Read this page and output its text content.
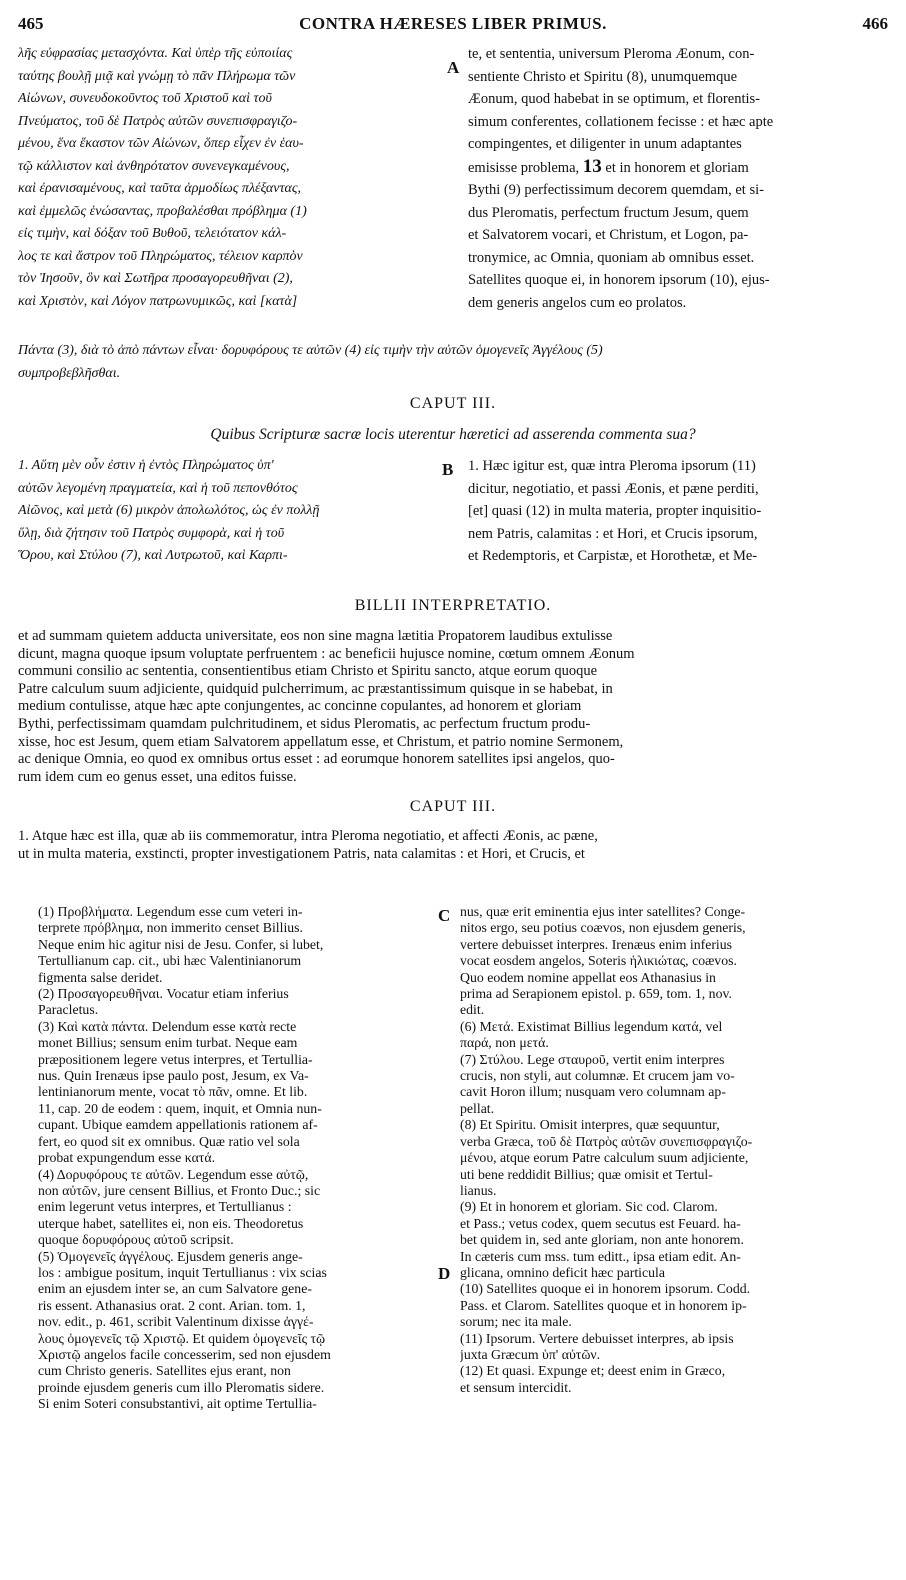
465	CONTRA HÆRESES LIBER PRIMUS.	466
λῆς εὐφρασίας μετασχόντα. Καὶ ὑπὲρ τῆς εὐποιίας
ταύτης βουλῇ μιᾷ καὶ γνώμῃ τὸ πᾶν Πλήρωμα τῶν
Αἰώνων, συνευδοκοῦντος τοῦ Χριστοῦ καὶ τοῦ
Πνεύματος, τοῦ δὲ Πατρὸς αὐτῶν συνεπισφραγιζο-
μένου, ἕνα ἕκαστον τῶν Αἰώνων, ὅπερ εἶχεν ἐν ἑαυ-
τῷ κάλλιστον καὶ ἀνθηρότατον συνενεγκαμένους,
καὶ ἐρανισαμένους, καὶ ταῦτα ἁρμοδίως πλέξαντας,
καὶ ἐμμελῶς ἑνώσαντας, προβαλέσθαι πρόβλημα (1)
εἰς τιμὴν, καὶ δόξαν τοῦ Βυθοῦ, τελειότατον κάλ-
λος τε καὶ ἄστρον τοῦ Πληρώματος, τέλειον καρπὸν
τὸν Ἰησοῦν, ὃν καὶ Σωτῆρα προσαγορευθῆναι (2),
καὶ Χριστὸν, καὶ Λόγον πατρωνυμικῶς, καὶ [κατὰ]
A
te, et sententia, universum Pleroma Æonum, con-
sentiente Christo et Spiritu (8), unumquemque
Æonum, quod habebat in se optimum, et florentis-
simum conferentes, collationem fecisse : et hæc apte
compingentes, et diligenter in unum adaptantes
emisisse problema, 13 et in honorem et gloriam
Bythi (9) perfectissimum decorem quemdam, et si-
dus Pleromatis, perfectum fructum Jesum, quem
et Salvatorem vocari, et Christum, et Logon, pa-
tronymice, ac Omnia, quoniam ab omnibus esset.
Satellites quoque ei, in honorem ipsorum (10), ejus-
dem generis angelos cum eo prolatos.
Πάντα (3), διὰ τὸ ἀπὸ πάντων εἶναι· δορυφόρους τε αὐτῶν (4) εἰς τιμὴν τὴν αὐτῶν ὁμογενεῖς Ἀγγέλους (5)
συμπροβεβλῆσθαι.
CAPUT III.
Quibus Scripturæ sacræ locis uterentur hæretici ad asserenda commenta sua?
1. Αὕτη μὲν οὖν ἐστιν ἡ ἐντὸς Πληρώματος ὑπ'
αὐτῶν λεγομένη πραγματεία, καὶ ἡ τοῦ πεπονθότος
Αἰῶνος, καὶ μετὰ (6) μικρὸν ἀπολωλότος, ὡς ἐν πολλῇ
ὕλῃ, διὰ ζήτησιν τοῦ Πατρὸς συμφορὰ, καὶ ἡ τοῦ
Ὅρου, καὶ Στύλου (7), καὶ Λυτρωτοῦ, καὶ Καρπι-
B 1. Hæc igitur est, quæ intra Pleroma ipsorum (11)
dicitur, negotiatio, et passi Æonis, et pæne perditi,
[et] quasi (12) in multa materia, propter inquisitio-
nem Patris, calamitas : et Hori, et Crucis ipsorum,
et Redemptoris, et Carpistæ, et Horothetæ, et Me-
BILLII INTERPRETATIO.
et ad summam quietem adducta universitate, eos non sine magna lætitia Propatorem laudibus extulisse
dicunt, magna quoque ipsum voluptate perfruentem : ac beneficii hujusce nomine, cœtum omnem Æonum
communi consilio ac sententia, consentientibus etiam Christo et Spiritu sancto, atque eorum quoque
Patre calculum suum adjiciente, quidquid pulcherrimum, ac præstantissimum quisque in se habebat, in
medium contulisse, atque hæc apte conjungentes, ac concinne copulantes, ad honorem et gloriam
Bythi, perfectissimam quamdam pulchritudinem, et sidus Pleromatis, ac perfectum fructum produ-
xisse, hoc est Jesum, quem etiam Salvatorem appellatum esse, et Christum, et patrio nomine Sermonem,
ac denique Omnia, eo quod ex omnibus ortus esset : ad eorumque honorem satellites ipsi angelos, quo-
rum idem cum eo genus esset, una editos fuisse.
CAPUT III.
1. Atque hæc est illa, quæ ab iis commemoratur, intra Pleroma negotiatio, et affecti Æonis, ac pæne,
ut in multa materia, exstincti, propter investigationem Patris, nata calamitas : et Hori, et Crucis, et
(1) Προβλήματα. Legendum esse cum veteri in-
terprete πρόβλημα, non immerito censet Billius.
Neque enim hic agitur nisi de Jesu. Confer, si lubet,
Tertullianum cap. cit., ubi hæc Valentinianorum
figmenta salse deridet.
(2) Προσαγορευθῆναι. Vocatur etiam inferius
Paracletus.
(3) Καὶ κατὰ πάντα. Delendum esse κατὰ recte
monet Billius; sensum enim turbat. Neque eam
præpositionem legere vetus interpres, et Tertullia-
nus. Quin Irenæus ipse paulo post, Jesum, ex Va-
lentinianorum mente, vocat τὸ πᾶν, omne. Et lib.
11, cap. 20 de eodem : quem, inquit, et Omnia nun-
cupant. Ubique eamdem appellationis rationem af-
fert, eo quod sit ex omnibus. Quæ ratio vel sola
probat expungendum esse κατά.
(4) Δορυφόρους τε αὐτῶν. Legendum esse αὐτῷ,
non αὐτῶν, jure censent Billius, et Fronto Duc.; sic
enim legerunt vetus interpres, et Tertullianus :
uterque habet, satellites ei, non eis. Theodoretus
quoque δορυφόρους αὐτοῦ scripsit.
(5) Ὁμογενεῖς ἀγγέλους. Ejusdem generis ange-
los : ambigue positum, inquit Tertullianus : vix scias
enim an ejusdem inter se, an cum Salvatore gene-
ris essent. Athanasius orat. 2 cont. Arian. tom. 1,
nov. edit., p. 461, scribit Valentinum dixisse ἀγγέ-
λους ὁμογενεῖς τῷ Χριστῷ. Et quidem ὁμογενεῖς τῷ
Χριστῷ angelos facile concesserim, sed non ejusdem
cum Christo generis. Satellites ejus erant, non
proinde ejusdem generis cum illo Pleromatis sidere.
Si enim Soteri consubstantivi, ait optime Tertullia-
C nus, quæ erit eminentia ejus inter satellites? Conge-
nitos ergo, seu potius coævos, non ejusdem generis,
vertere debuisset interpres. Irenæus enim inferius
vocat eosdem angelos, Soteris ἡλικιώτας, coævos.
Quo eodem nomine appellat eos Athanasius in
prima ad Serapionem epistol. p. 659, tom. 1, nov.
edit.
(6) Μετά. Existimat Billius legendum κατά, vel
παρά, non μετά.
(7) Στύλου. Lege σταυροῦ, vertit enim interpres
crucis, non styli, aut columnæ. Et crucem jam vo-
cavit Horon illum; nusquam vero columnam ap-
pellat.
(8) Et Spiritu. Omisit interpres, quæ sequuntur,
verba Græca, τοῦ δὲ Πατρὸς αὐτῶν συνεπισφραγιζο-
μένου, atque eorum Patre calculum suum adjiciente,
uti bene reddidit Billius; quæ omisit et Tertul-
lianus.
(9) Et in honorem et gloriam. Sic cod. Clarom.
et Pass.; vetus codex, quem secutus est Feuard. ha-
bet quidem in, sed ante gloriam, non ante honorem.
In cæteris cum mss. tum editt., ipsa etiam edit. An-
glicana, omnino deficit hæc particula
(10) Satellites quoque ei in honorem ipsorum. Codd.
Pass. et Clarom. Satellites quoque et in honorem ip-
sorum; nec ita male.
(11) Ipsorum. Vertere debuisset interpres, ab ipsis
juxta Græcum ὑπ' αὐτῶν.
(12) Et quasi. Expunge et; deest enim in Græco,
et sensum intercidit.
D
